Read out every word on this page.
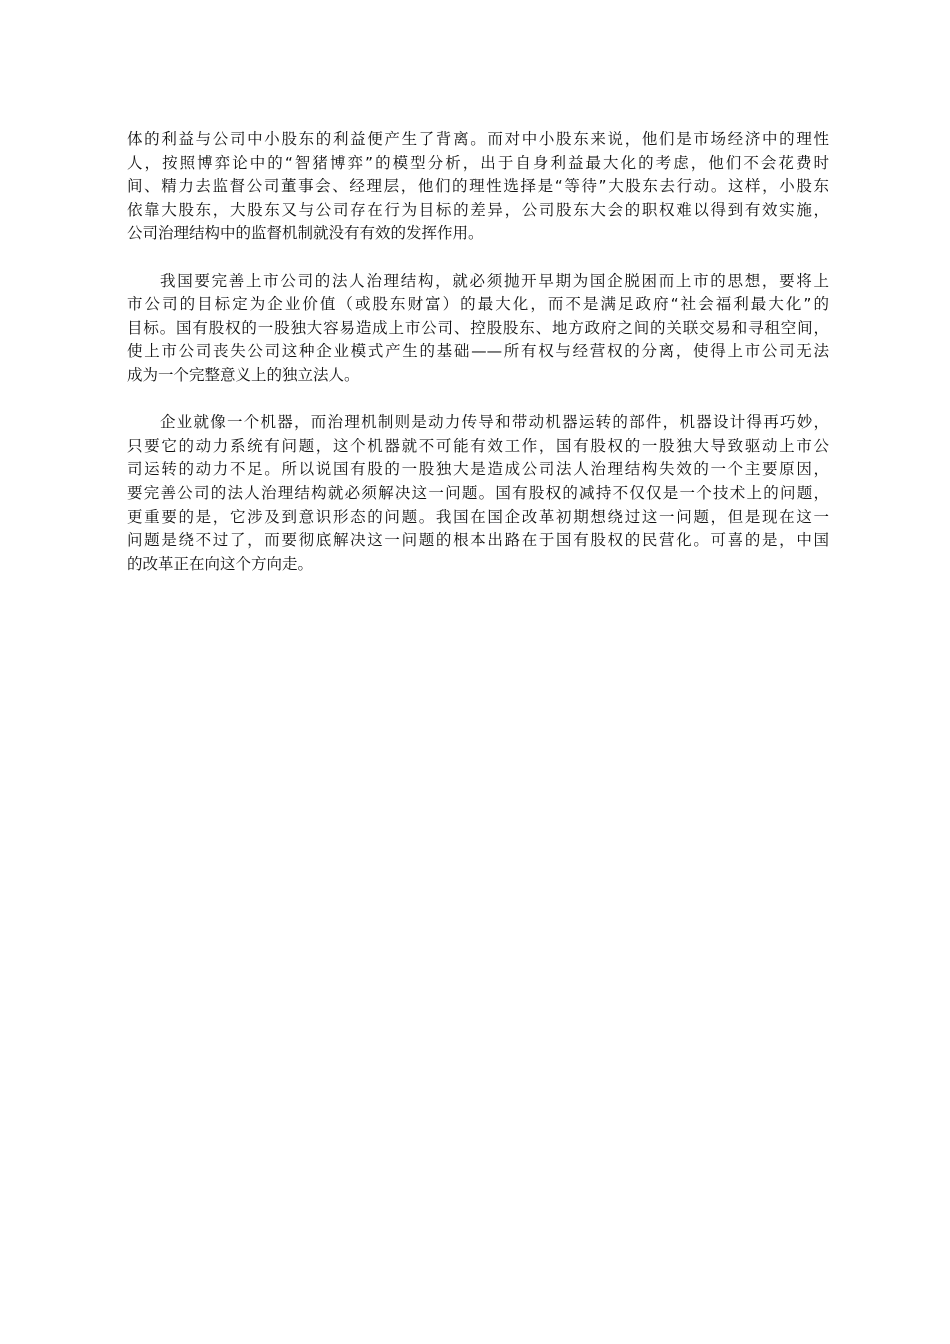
体的利益与公司中小股东的利益便产生了背离。而对中小股东来说，他们是市场经济中的理性
人，按照博弈论中的“智猪博弈”的模型分析，出于自身利益最大化的考虑，他们不会花费时
间、精力去监督公司董事会、经理层，他们的理性选择是“等待”大股东去行动。这样，小股东
依靠大股东，大股东又与公司存在行为目标的差异，公司股东大会的职权难以得到有效实施，
公司治理结构中的监督机制就没有有效的发挥作用。
我国要完善上市公司的法人治理结构，就必须抛开早期为国企脱困而上市的思想，要将上
市公司的目标定为企业价值（或股东财富）的最大化，而不是满足政府“社会福利最大化”的
目标。国有股权的一股独大容易造成上市公司、控股股东、地方政府之间的关联交易和寻租空间，
使上市公司丧失公司这种企业模式产生的基础——所有权与经营权的分离，使得上市公司无法
成为一个完整意义上的独立法人。
企业就像一个机器，而治理机制则是动力传导和带动机器运转的部件，机器设计得再巧妙，
只要它的动力系统有问题，这个机器就不可能有效工作，国有股权的一股独大导致驱动上市公
司运转的动力不足。所以说国有股的一股独大是造成公司法人治理结构失效的一个主要原因，
要完善公司的法人治理结构就必须解决这一问题。国有股权的减持不仅仅是一个技术上的问题，
更重要的是，它涉及到意识形态的问题。我国在国企改革初期想绕过这一问题，但是现在这一
问题是绕不过了，而要彻底解决这一问题的根本出路在于国有股权的民营化。可喜的是，中国
的改革正在向这个方向走。
